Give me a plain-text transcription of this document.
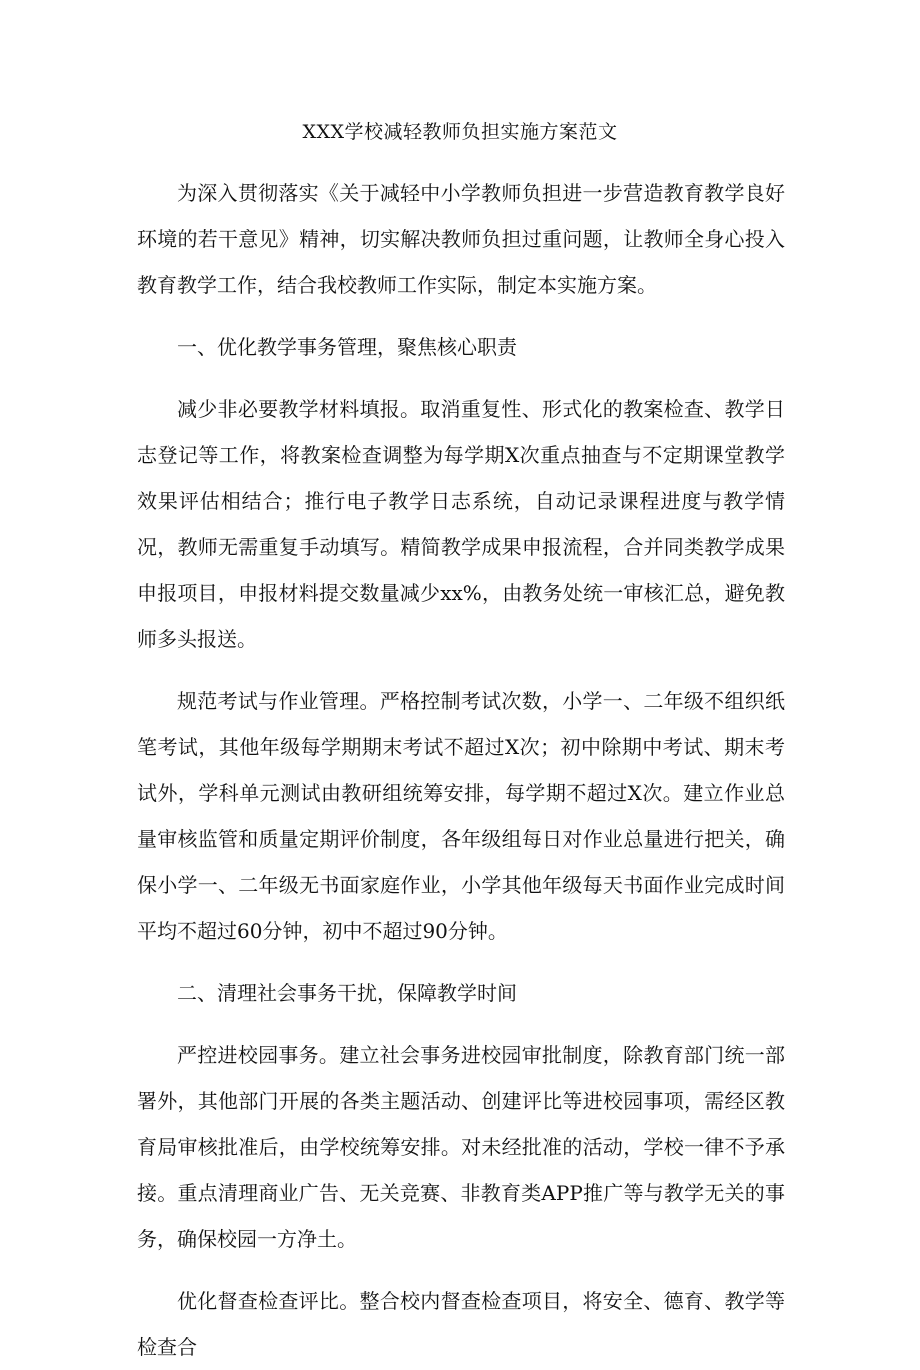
XXX学校减轻教师负担实施方案范文

为深入贯彻落实《关于减轻中小学教师负担进一步营造教育教学良好环境的若干意见》精神，切实解决教师负担过重问题，让教师全身心投入教育教学工作，结合我校教师工作实际，制定本实施方案。

一、优化教学事务管理，聚焦核心职责

减少非必要教学材料填报。取消重复性、形式化的教案检查、教学日志登记等工作，将教案检查调整为每学期X次重点抽查与不定期课堂教学效果评估相结合；推行电子教学日志系统，自动记录课程进度与教学情况，教师无需重复手动填写。精简教学成果申报流程，合并同类教学成果申报项目，申报材料提交数量减少xx%，由教务处统一审核汇总，避免教师多头报送。

规范考试与作业管理。严格控制考试次数，小学一、二年级不组织纸笔考试，其他年级每学期期末考试不超过X次；初中除期中考试、期末考试外，学科单元测试由教研组统筹安排，每学期不超过X次。建立作业总量审核监管和质量定期评价制度，各年级组每日对作业总量进行把关，确保小学一、二年级无书面家庭作业，小学其他年级每天书面作业完成时间平均不超过60分钟，初中不超过90分钟。

二、清理社会事务干扰，保障教学时间

严控进校园事务。建立社会事务进校园审批制度，除教育部门统一部署外，其他部门开展的各类主题活动、创建评比等进校园事项，需经区教育局审核批准后，由学校统筹安排。对未经批准的活动，学校一律不予承接。重点清理商业广告、无关竞赛、非教育类APP推广等与教学无关的事务，确保校园一方净土。

优化督查检查评比。整合校内督查检查项目，将安全、德育、教学等检查合
